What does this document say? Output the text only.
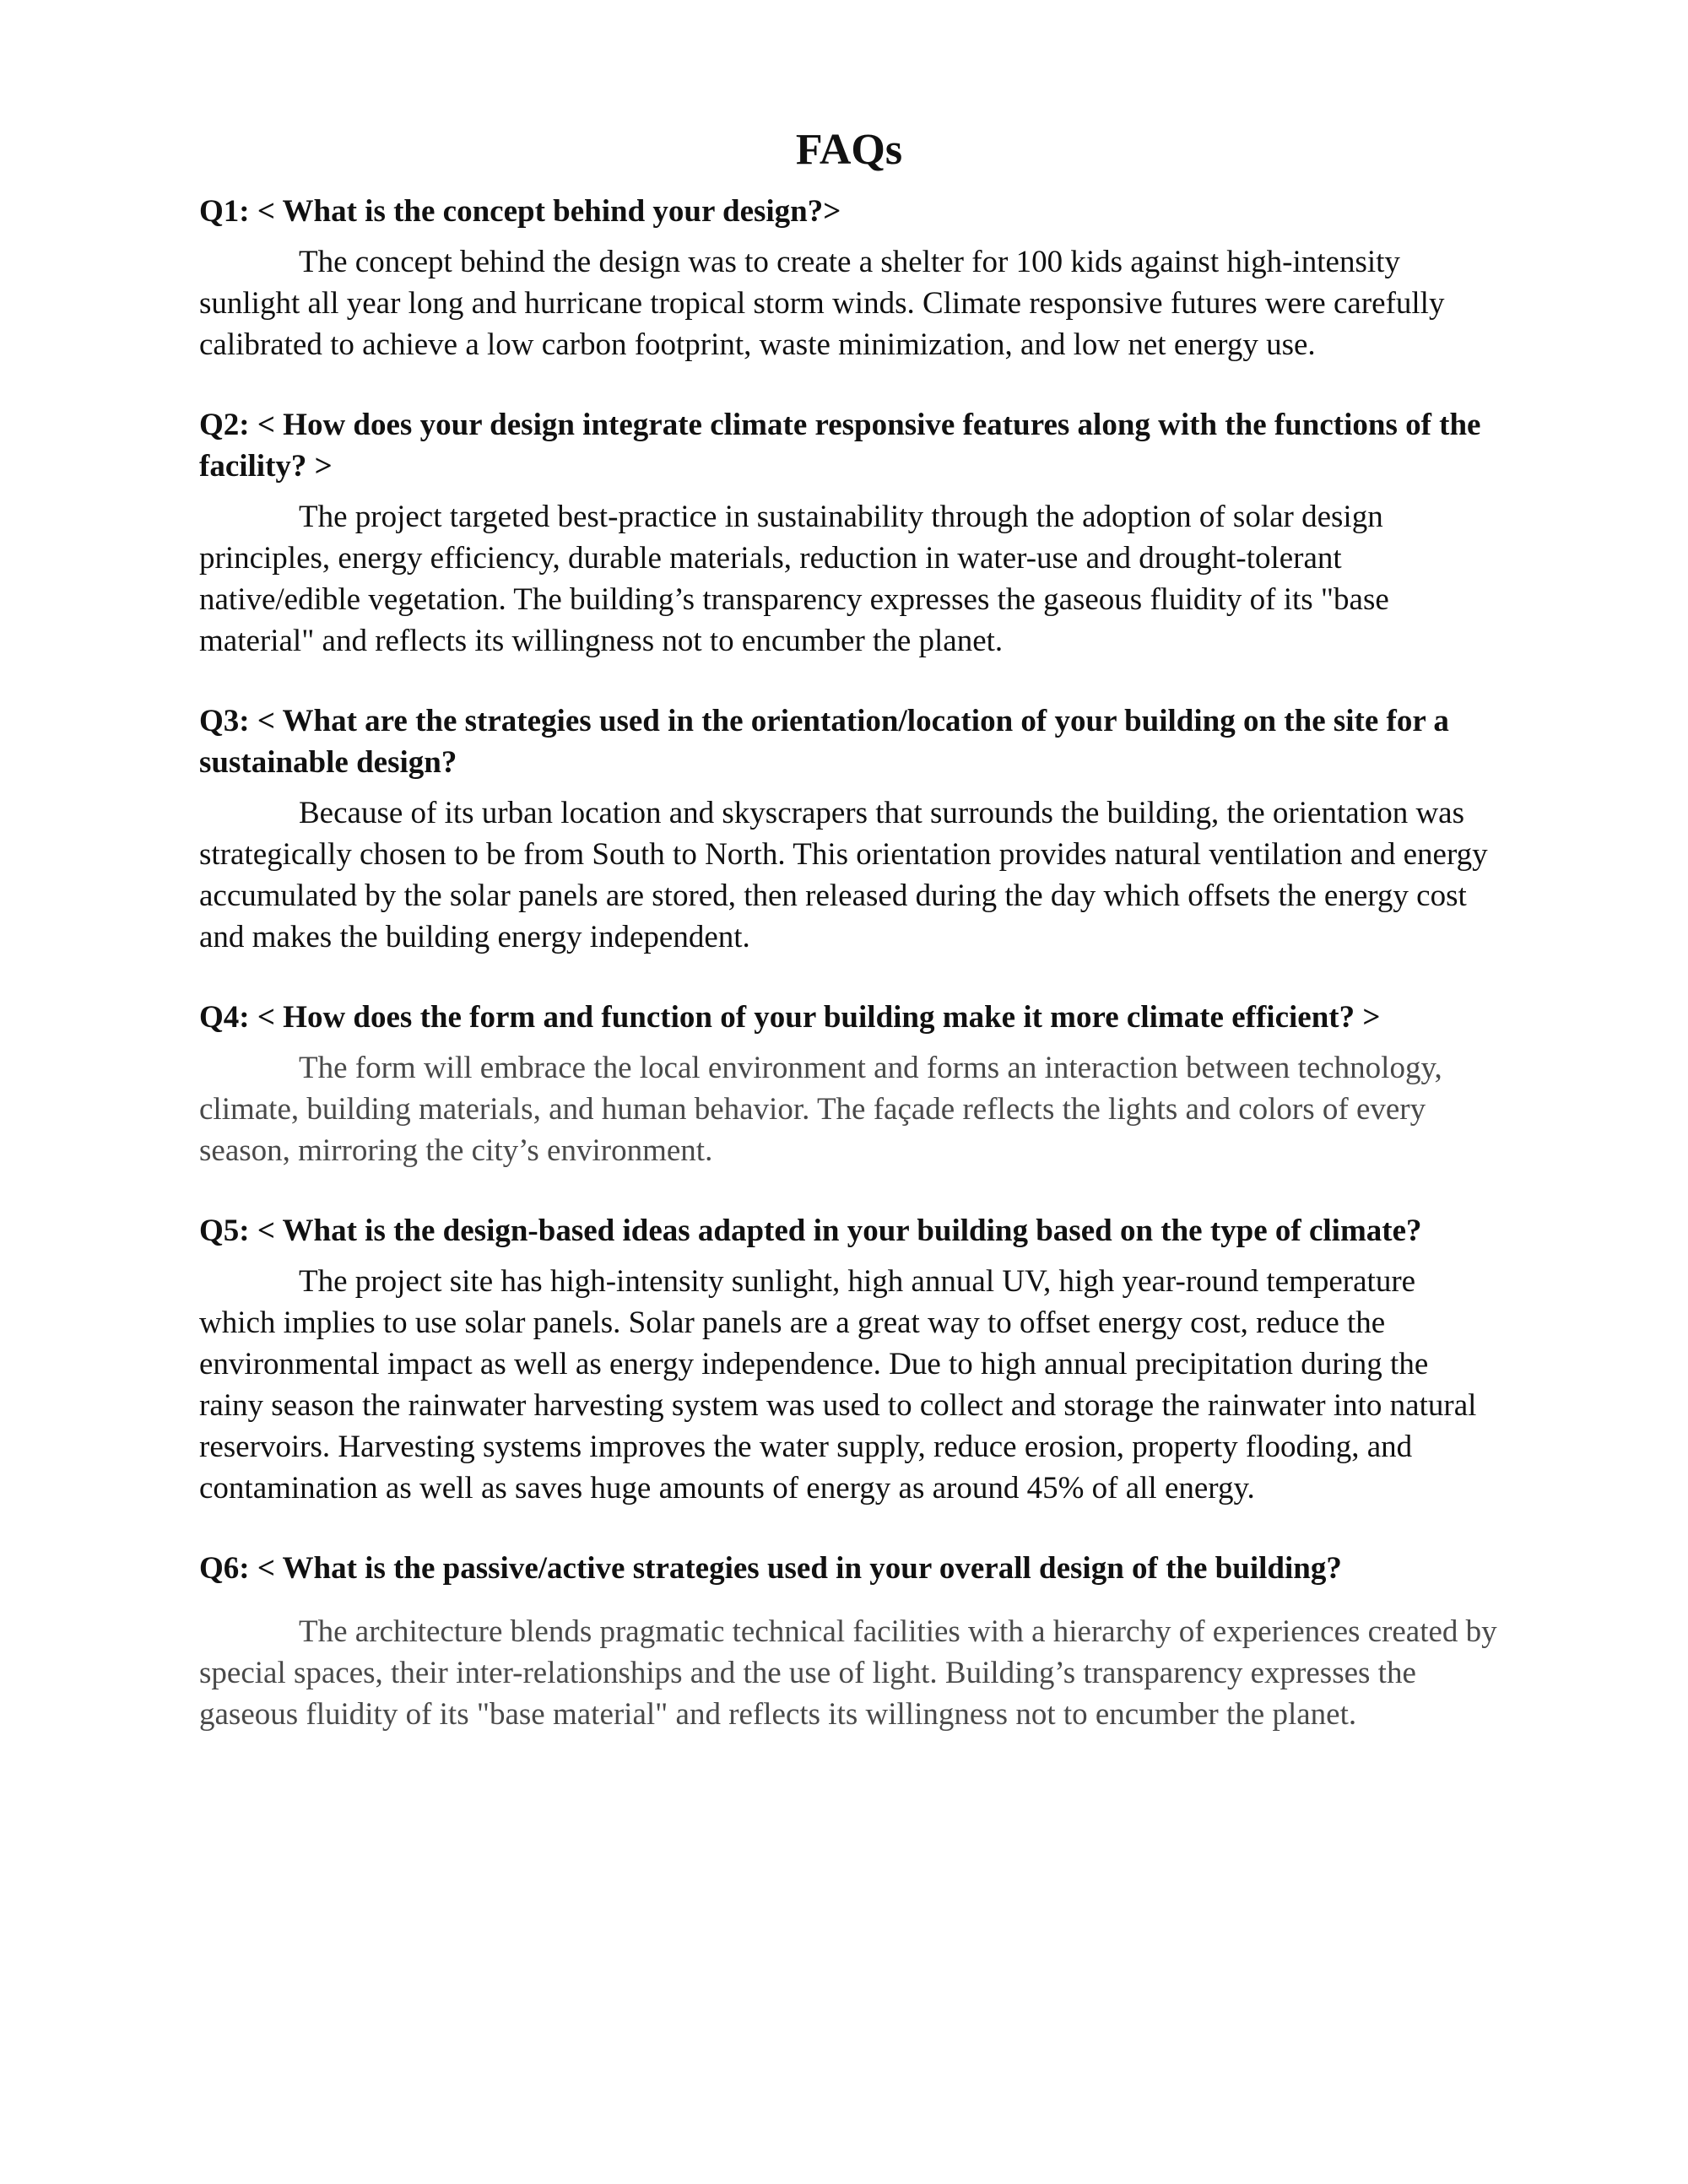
FAQs

Q1: < What is the concept behind your design?>

The concept behind the design was to create a shelter for 100 kids against high-intensity sunlight all year long and hurricane tropical storm winds. Climate responsive futures were carefully calibrated to achieve a low carbon footprint, waste minimization, and low net energy use.

Q2: < How does your design integrate climate responsive features along with the functions of the facility? >

The project targeted best-practice in sustainability through the adoption of solar design principles, energy efficiency, durable materials, reduction in water-use and drought-tolerant native/edible vegetation. The building’s transparency expresses the gaseous fluidity of its "base material" and reflects its willingness not to encumber the planet.

Q3: < What are the strategies used in the orientation/location of your building on the site for a sustainable design?

Because of its urban location and skyscrapers that surrounds the building, the orientation was strategically chosen to be from South to North. This orientation provides natural ventilation and energy accumulated by the solar panels are stored, then released during the day which offsets the energy cost and makes the building energy independent.

Q4: < How does the form and function of your building make it more climate efficient? >

The form will embrace the local environment and forms an interaction between technology, climate, building materials, and human behavior. The façade reflects the lights and colors of every season, mirroring the city’s environment.

Q5: < What is the design-based ideas adapted in your building based on the type of climate?

The project site has high-intensity sunlight, high annual UV, high year-round temperature which implies to use solar panels. Solar panels are a great way to offset energy cost, reduce the environmental impact as well as energy independence. Due to high annual precipitation during the rainy season the rainwater harvesting system was used to collect and storage the rainwater into natural reservoirs. Harvesting systems improves the water supply, reduce erosion, property flooding, and contamination as well as saves huge amounts of energy as around 45% of all energy.

Q6: < What is the passive/active strategies used in your overall design of the building?

The architecture blends pragmatic technical facilities with a hierarchy of experiences created by special spaces, their inter-relationships and the use of light. Building’s transparency expresses the gaseous fluidity of its "base material" and reflects its willingness not to encumber the planet.
